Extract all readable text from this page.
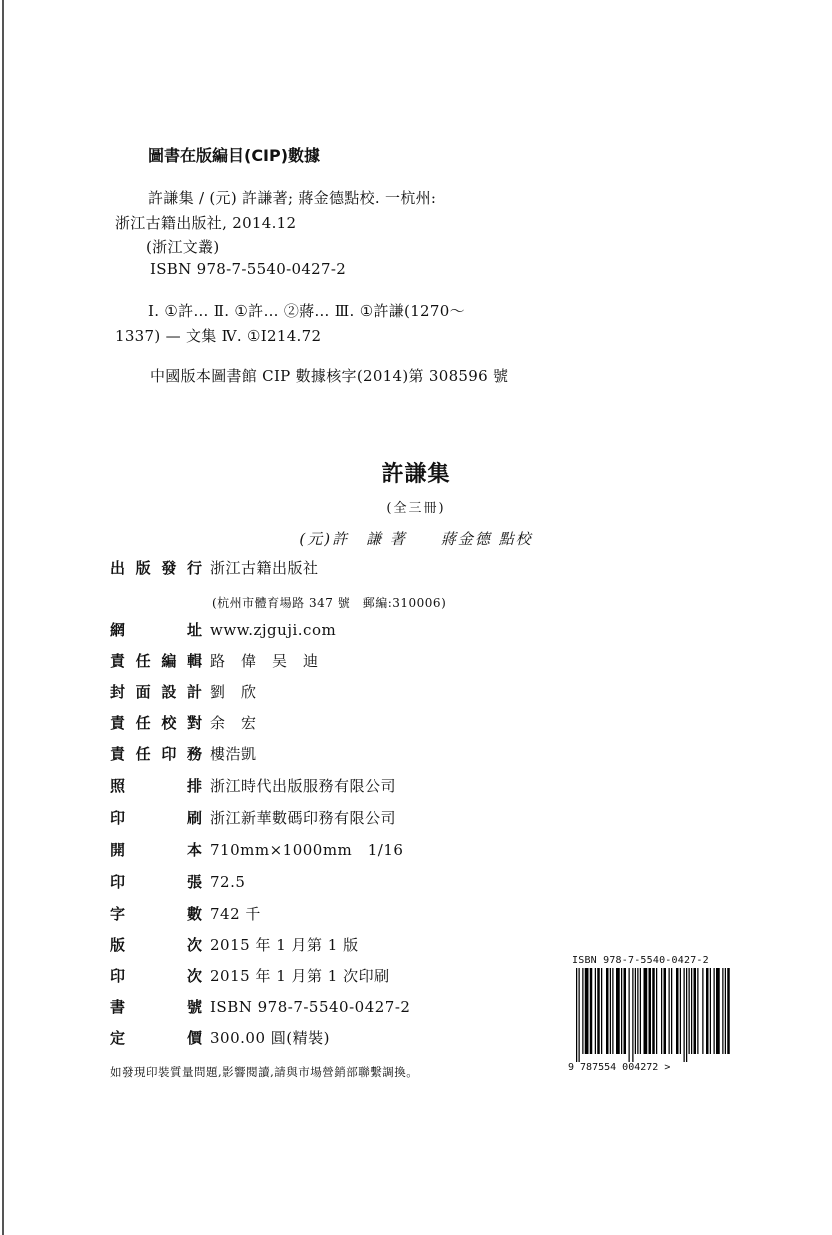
圖書在版編目(CIP)數據
許謙集 / (元) 許謙著; 蔣金德點校. 一杭州:
浙江古籍出版社, 2014.12
(浙江文叢)
ISBN 978-7-5540-0427-2
Ⅰ. ①許… Ⅱ. ①許… ②蔣… Ⅲ. ①許謙(1270～
1337) — 文集 Ⅳ. ①I214.72
中國版本圖書館 CIP 數據核字(2014)第 308596 號
許謙集
(全三冊)
(元)許　謙 著　　蔣金德 點校
出版發行 浙江古籍出版社
(杭州市體育場路 347 號　郵編:310006)
網　址 www.zjguji.com
責任編輯 路　偉　吴　迪
封面設計 劉　欣
責任校對 余　宏
責任印務 樓浩凱
照　排 浙江時代出版服務有限公司
印　刷 浙江新華數碼印務有限公司
開　本 710mm×1000mm　1/16
印　張 72.5
字　數 742 千
版　次 2015 年 1 月第 1 版
印　次 2015 年 1 月第 1 次印刷
書　號 ISBN 978-7-5540-0427-2
定　價 300.00 圓(精裝)
如發現印裝質量問題,影響閱讀,請與市場營銷部聯繫調換。
ISBN 978-7-5540-0427-2
9 787554 004272 >
